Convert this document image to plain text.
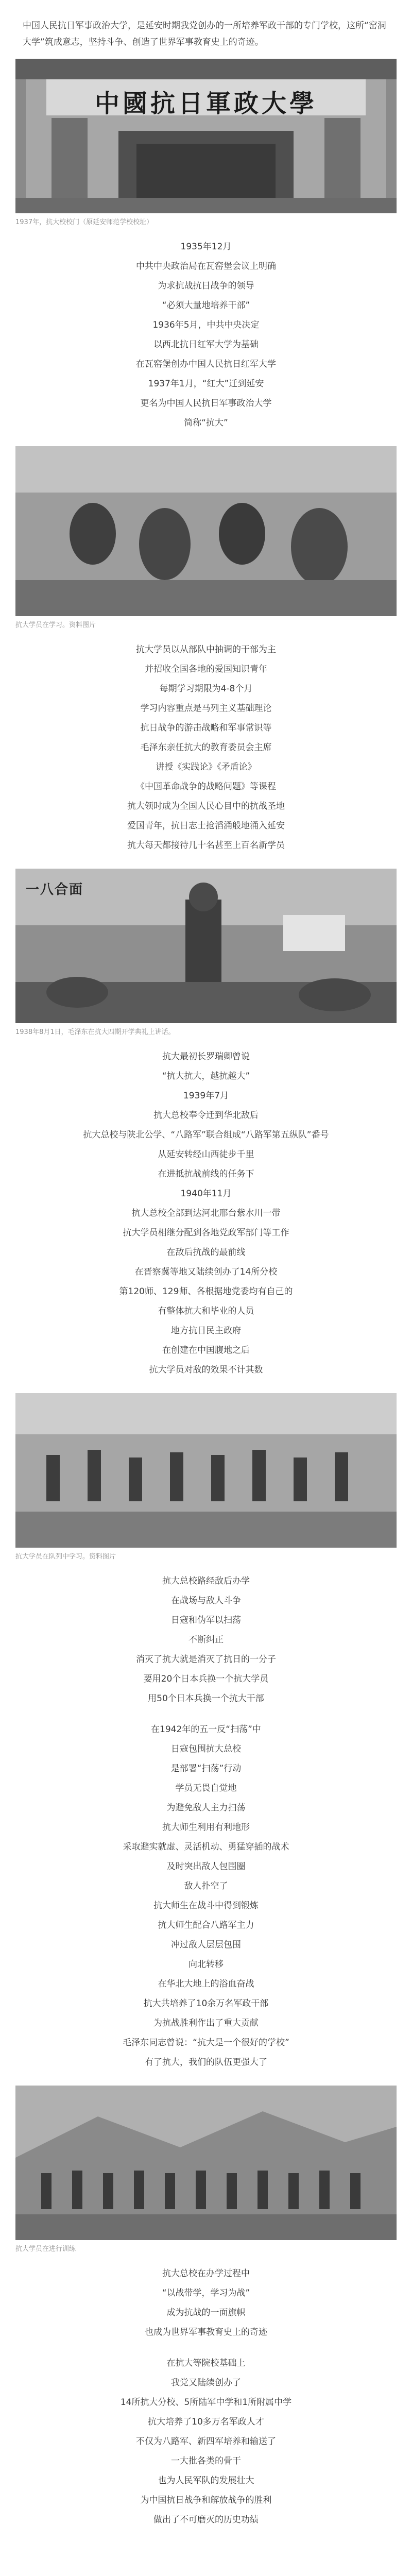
中国人民抗日军事政治大学，是延安时期我党创办的一所培养军政干部的专门学校，这所“窑洞大学”筑成意志，坚持斗争、创造了世界军事教育史上的奇迹。
中國抗日軍政大學
1937年，抗大校校门（原延安师范学校校址）

1935年12月

中共中央政治局在瓦窑堡会议上明确

为求抗战抗日战争的领导

“必须大量地培养干部”

1936年5月，中共中央决定

以西北抗日红军大学为基础

在瓦窑堡创办中国人民抗日红军大学

1937年1月，“红大”迁到延安

更名为中国人民抗日军事政治大学

简称“抗大”

抗大学员在学习。资料图片

抗大学员以从部队中抽调的干部为主

并招收全国各地的爱国知识青年

每期学习期限为4-8个月

学习内容重点是马列主义基础理论

抗日战争的游击战略和军事常识等

毛泽东亲任抗大的教育委员会主席

讲授《实践论》《矛盾论》

《中国革命战争的战略问题》等课程

抗大领时成为全国人民心目中的抗战圣地

爱国青年，抗日志士抢滔涌般地涌入延安

抗大每天都接待几十名甚至上百名新学员

一八合面
1938年8月1日，毛泽东在抗大四期开学典礼上讲话。

抗大最初长罗瑞卿曾说

“抗大抗大，越抗越大”

1939年7月

抗大总校奉令迁到华北敌后

抗大总校与陕北公学、“八路军”联合组成“八路军第五纵队”番号

从延安转经山西徒步千里

在进抵抗战前线的任务下

1940年11月

抗大总校全部到达河北邢台紫水川一带

抗大学员相继分配到各地党政军部门等工作

在敌后抗战的最前线

在晋察冀等地又陆续创办了14所分校

第120师、129师、各根据地党委均有自己的

有整体抗大和毕业的人员

地方抗日民主政府

在创建在中国腹地之后

抗大学员对敌的效果不计其数

抗大学员在队列中学习。资料图片

抗大总校路经敌后办学

在战场与敌人斗争

日寇和伪军以扫荡

不断纠正

消灭了抗大就是消灭了抗日的一分子

要用20个日本兵换一个抗大学员

用50个日本兵换一个抗大干部

在1942年的五一反“扫荡”中

日寇包围抗大总校

是部署“扫荡”行动

学员无畏自觉地

为避免敌人主力扫荡

抗大师生利用有利地形

采取避实就虚、灵活机动、勇猛穿插的战术

及时突出敌人包围圈

敌人扑空了

抗大师生在战斗中得到锻炼

抗大师生配合八路军主力

冲过敌人层层包围

向北转移

在华北大地上的浴血奋战

抗大共培养了10余万名军政干部

为抗战胜利作出了重大贡献

毛泽东同志曾说：“抗大是一个很好的学校”

有了抗大，我们的队伍更强大了

抗大学员在进行训练

抗大总校在办学过程中

“以战带学，学习为战”

成为抗战的一面旗帜

也成为世界军事教育史上的奇迹

在抗大等院校基础上

我党又陆续创办了

14所抗大分校、5所陆军中学和1所附属中学

抗大培养了10多万名军政人才

不仅为八路军、新四军培养和输送了

一大批各类的骨干

也为人民军队的发展壮大

为中国抗日战争和解放战争的胜利

做出了不可磨灭的历史功绩
